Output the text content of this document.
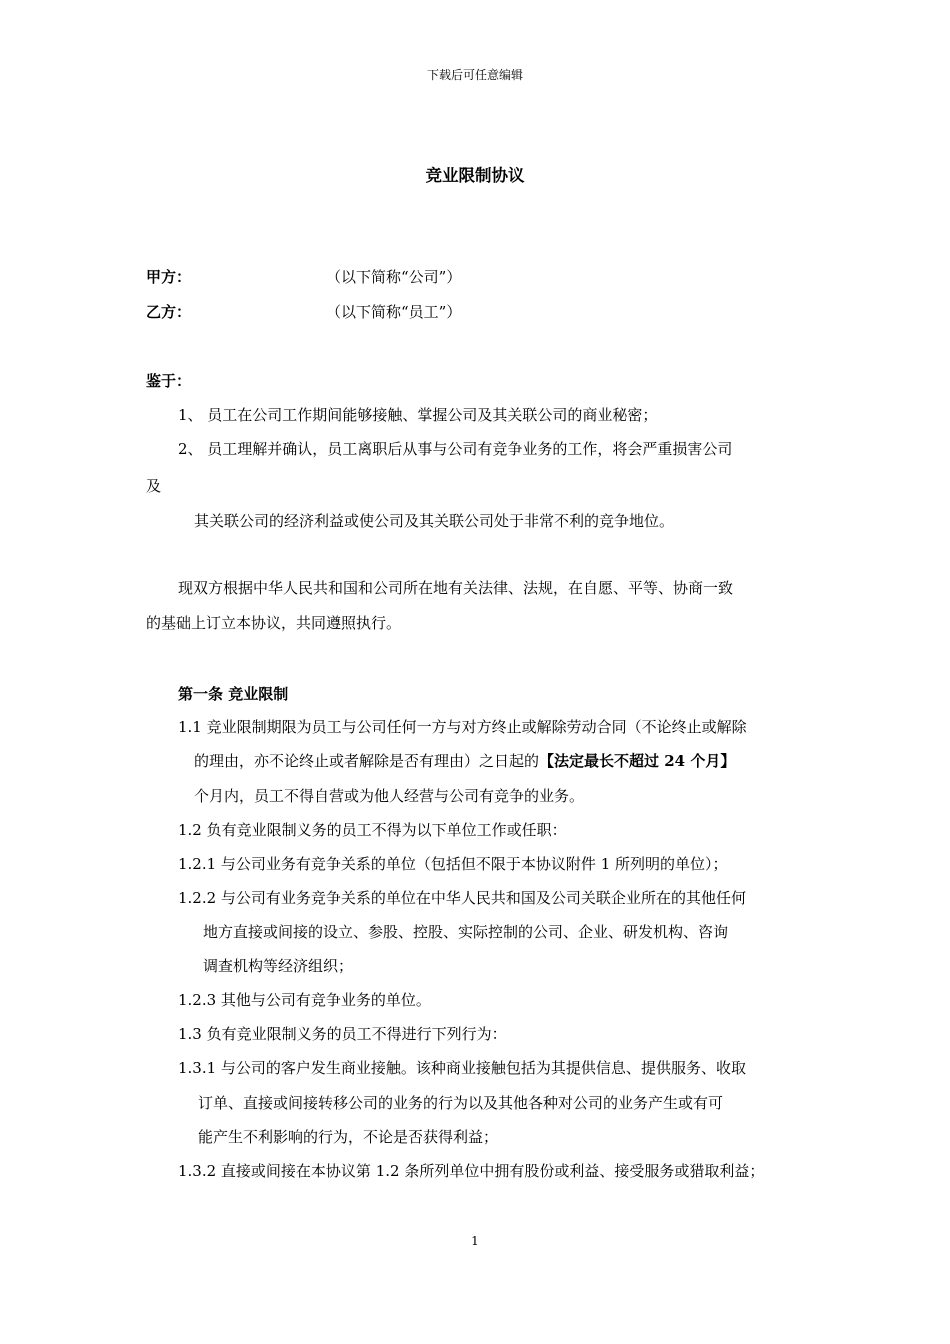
下载后可任意编辑
竞业限制协议
甲方：	（以下简称“公司”）
乙方：	（以下简称“员工”）
鉴于：
1、 员工在公司工作期间能够接触、掌握公司及其关联公司的商业秘密；
2、 员工理解并确认，员工离职后从事与公司有竞争业务的工作，将会严重损害公司
及
其关联公司的经济利益或使公司及其关联公司处于非常不利的竞争地位。
现双方根据中华人民共和国和公司所在地有关法律、法规，在自愿、平等、协商一致
的基础上订立本协议，共同遵照执行。
第一条 竞业限制
1.1 竞业限制期限为员工与公司任何一方与对方终止或解除劳动合同（不论终止或解除
的理由，亦不论终止或者解除是否有理由）之日起的【法定最长不超过 24 个月】
个月内，员工不得自营或为他人经营与公司有竞争的业务。
1.2 负有竞业限制义务的员工不得为以下单位工作或任职：
1.2.1 与公司业务有竞争关系的单位（包括但不限于本协议附件 1 所列明的单位）；
1.2.2 与公司有业务竞争关系的单位在中华人民共和国及公司关联企业所在的其他任何
地方直接或间接的设立、参股、控股、实际控制的公司、企业、研发机构、咨询
调查机构等经济组织；
1.2.3 其他与公司有竞争业务的单位。
1.3 负有竞业限制义务的员工不得进行下列行为：
1.3.1 与公司的客户发生商业接触。该种商业接触包括为其提供信息、提供服务、收取
订单、直接或间接转移公司的业务的行为以及其他各种对公司的业务产生或有可
能产生不利影响的行为，不论是否获得利益；
1.3.2 直接或间接在本协议第 1.2 条所列单位中拥有股份或利益、接受服务或猎取利益；
1
